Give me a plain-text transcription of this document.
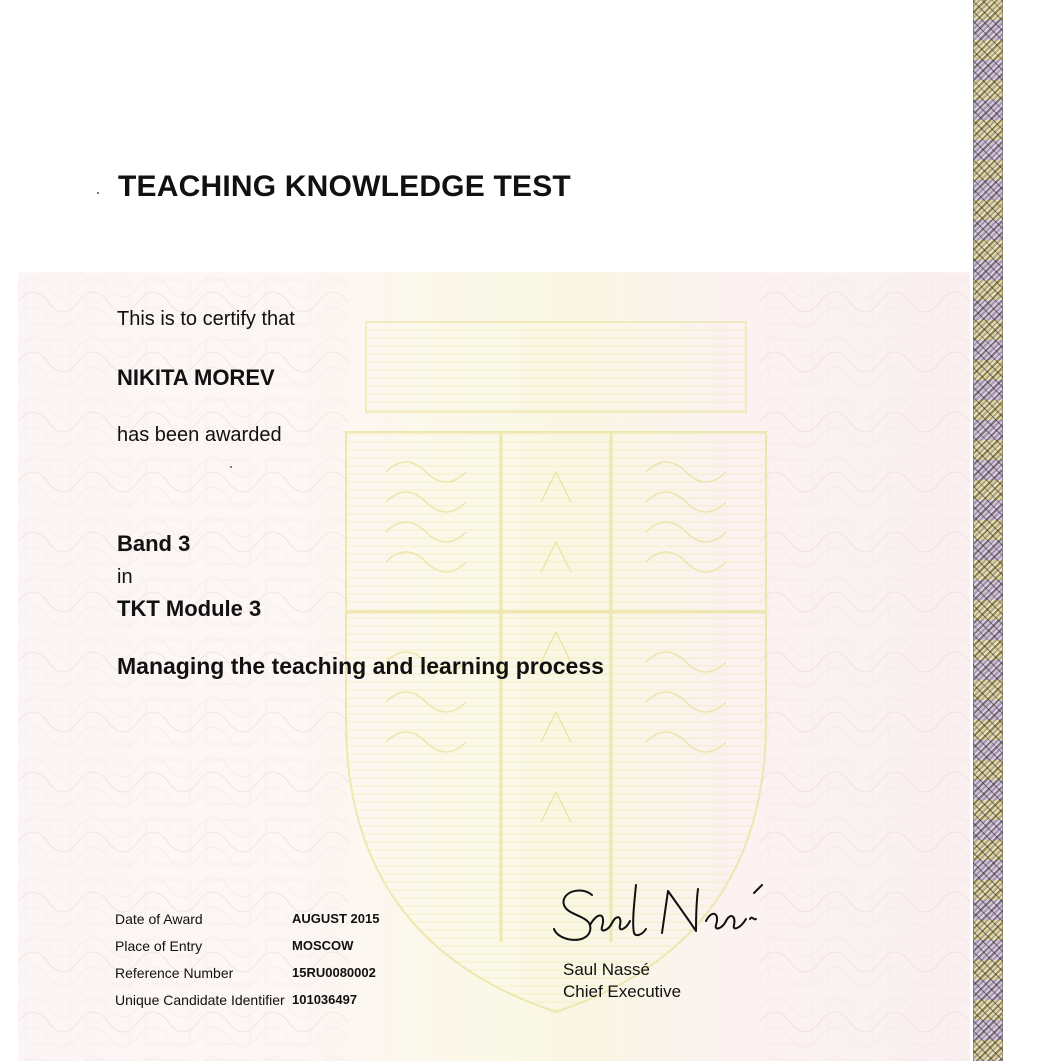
TEACHING KNOWLEDGE TEST
This is to certify that
NIKITA MOREV
has been awarded
Band 3
in
TKT Module 3
Managing the teaching and learning process
Date of Award	AUGUST 2015
Place of Entry	MOSCOW
Reference Number	15RU0080002
Unique Candidate Identifier 101036497
Saul Nassé
Chief Executive
